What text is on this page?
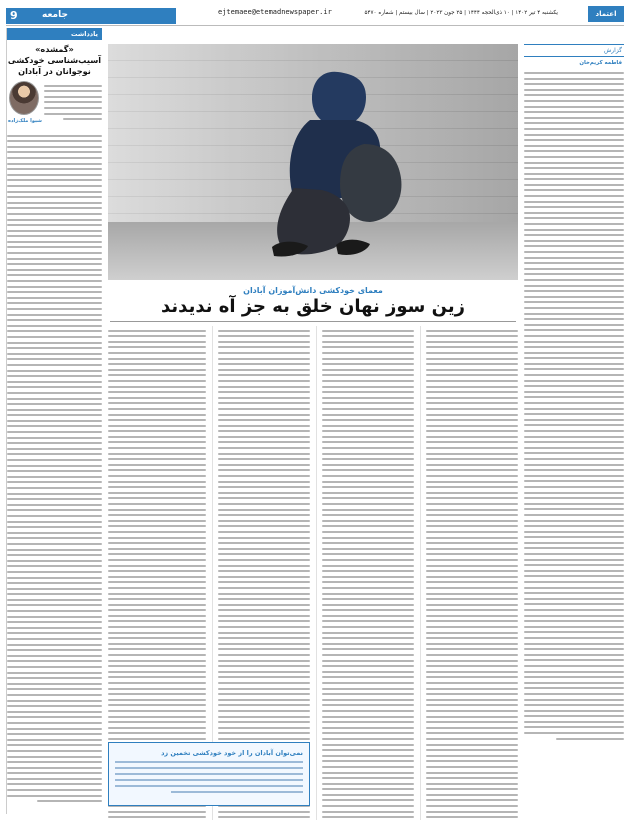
ejtemaee@etemadnewspaper.ir	یکشنبه ۴ تیر ۱۴۰۲ | ۱۰ ذی‌الحجه ۱۴۴۴ | ۲۵ جون ۲۰۲۳ | سال بیستم | شماره ۵۴۷۰	اعتماد
9	جامعه
یادداشت
«گمشده» آسیب‌شناسی خودکشی نوجوانان در آبادان
شیوا ملک‌زاده
معمای خودکشی دانش‌آموزان آبادان
زین سوز نهان خلق به جز آه ندیدند
نمی‌توان آبادان را از خود خودکشی تخمین زد
گزارش
فاطمه کریم‌خان
